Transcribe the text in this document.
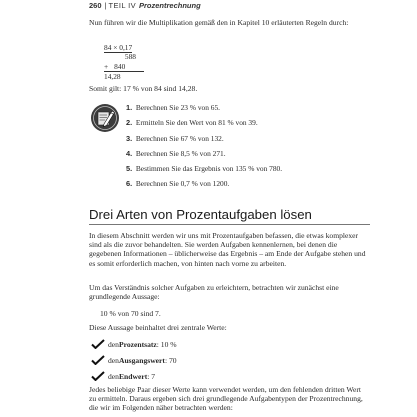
260 | TEIL IV Prozentrechnung

Nun führen wir die Multiplikation gemäß den in Kapitel 10 erläuterten Regeln durch:

84 × 0,17
588
+ 840
14,28

Somit gilt: 17 % von 84 sind 14,28.

1. Berechnen Sie 23 % von 65.
2. Ermitteln Sie den Wert von 81 % von 39.
3. Berechnen Sie 67 % von 132.
4. Berechnen Sie 8,5 % von 271.
5. Bestimmen Sie das Ergebnis von 135 % von 780.
6. Berechnen Sie 0,7 % von 1200.
Drei Arten von Prozentaufgaben lösen

In diesem Abschnitt werden wir uns mit Prozentaufgaben befassen, die etwas komplexer sind als die zuvor behandelten. Sie werden Aufgaben kennenlernen, bei denen die gegebenen Informationen – üblicherweise das Ergebnis – am Ende der Aufgabe stehen und es somit erforderlich machen, von hinten nach vorne zu arbeiten.

Um das Verständnis solcher Aufgaben zu erleichtern, betrachten wir zunächst eine grundlegende Aussage:

10 % von 70 sind 7.

Diese Aussage beinhaltet drei zentrale Werte:

den Prozentsatz : 10 %
den Ausgangswert : 70
den Endwert : 7

Jedes beliebige Paar dieser Werte kann verwendet werden, um den fehlenden dritten Wert zu ermitteln. Daraus ergeben sich drei grundlegende Aufgabentypen der Prozentrechnung, die wir im Folgenden näher betrachten werden:
